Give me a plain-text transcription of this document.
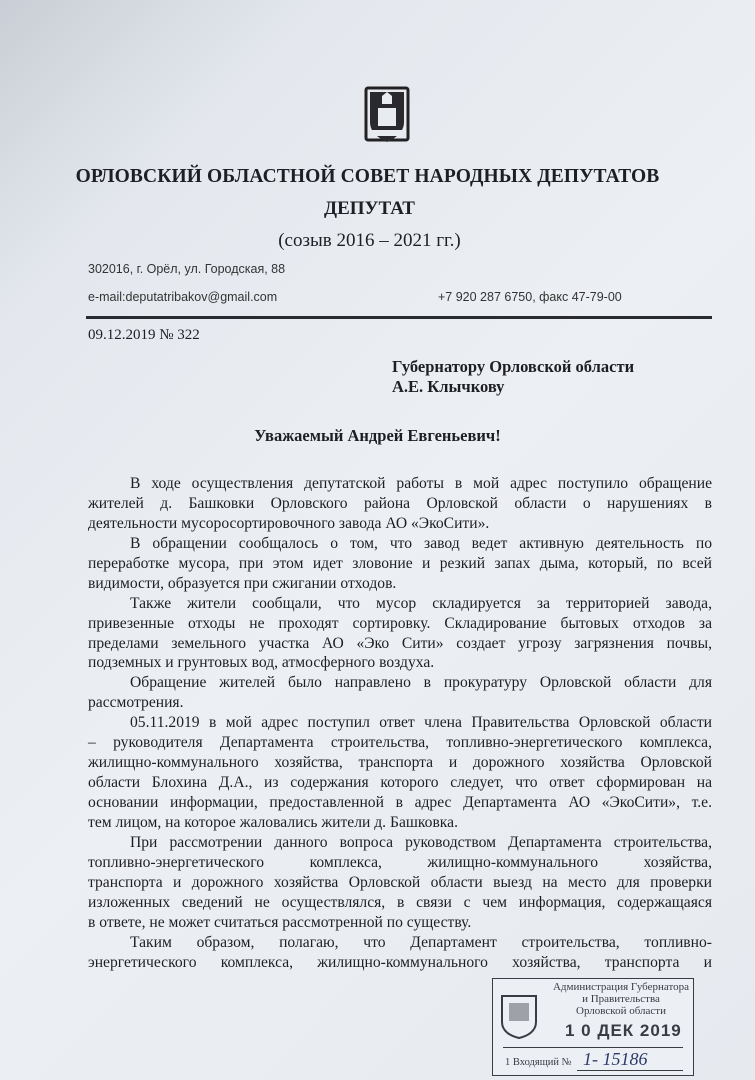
ОРЛОВСКИЙ ОБЛАСТНОЙ СОВЕТ НАРОДНЫХ ДЕПУТАТОВ
ДЕПУТАТ
(созыв 2016 – 2021 гг.)
302016, г. Орёл, ул. Городская, 88
e-mail:deputatribakov@gmail.com	+7 920 287 6750, факс 47-79-00
09.12.2019 № 322
Губернатору Орловской области
А.Е. Клычкову
Уважаемый Андрей Евгеньевич!
В ходе осуществления депутатской работы в мой адрес поступило обращение
жителей д. Башковки Орловского района Орловской области о нарушениях в
деятельности мусоросортировочного завода АО «ЭкоСити».
В обращении сообщалось о том, что завод ведет активную деятельность по
переработке мусора, при этом идет зловоние и резкий запах дыма, который, по всей
видимости, образуется при сжигании отходов.
Также жители сообщали, что мусор складируется за территорией завода,
привезенные отходы не проходят сортировку. Складирование бытовых отходов за
пределами земельного участка АО «Эко Сити» создает угрозу загрязнения почвы,
подземных и грунтовых вод, атмосферного воздуха.
Обращение жителей было направлено в прокуратуру Орловской области для
рассмотрения.
05.11.2019 в мой адрес поступил ответ члена Правительства Орловской области
– руководителя Департамента строительства, топливно-энергетического комплекса,
жилищно-коммунального хозяйства, транспорта и дорожного хозяйства Орловской
области Блохина Д.А., из содержания которого следует, что ответ сформирован на
основании информации, предоставленной в адрес Департамента АО «ЭкоСити», т.е.
тем лицом, на которое жаловались жители д. Башковка.
При рассмотрении данного вопроса руководством Департамента строительства,
топливно-энергетического комплекса, жилищно-коммунального хозяйства,
транспорта и дорожного хозяйства Орловской области выезд на место для проверки
изложенных сведений не осуществлялся, в связи с чем информация, содержащаяся
в ответе, не может считаться рассмотренной по существу.
Таким образом, полагаю, что Департамент строительства, топливно-
энергетического комплекса, жилищно-коммунального хозяйства, транспорта и
Администрация Губернатора
и Правительства
Орловской области
1 0 ДЕК 2019
1 Входящий № 1- 15186
